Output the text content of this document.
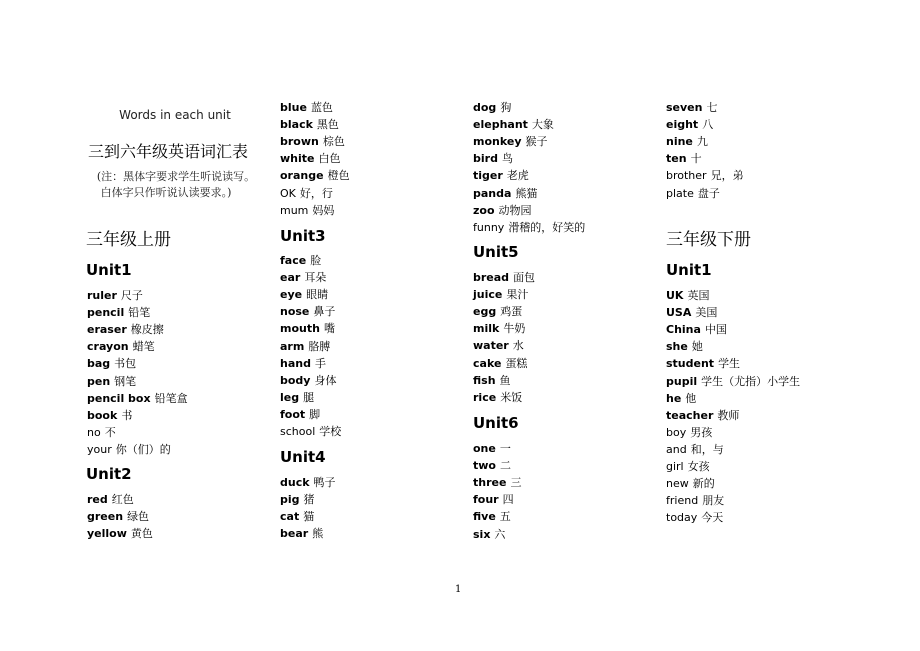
Words in each unit
三到六年级英语词汇表
(注：黑体字要求学生听说读写。
白体字只作听说认读要求。)
三年级上册
Unit1
ruler 尺子
pencil 铅笔
eraser 橡皮擦
crayon 蜡笔
bag 书包
pen 钢笔
pencil box 铅笔盒
book 书
no 不
your 你（们）的
Unit2
red 红色
green 绿色
yellow 黄色
blue 蓝色
black 黑色
brown 棕色
white 白色
orange 橙色
OK 好，行
mum 妈妈
Unit3
face 脸
ear 耳朵
eye 眼睛
nose 鼻子
mouth 嘴
arm 胳膊
hand 手
body 身体
leg 腿
foot 脚
school 学校
Unit4
duck 鸭子
pig 猪
cat 猫
bear 熊
dog 狗
elephant 大象
monkey 猴子
bird 鸟
tiger 老虎
panda 熊猫
zoo 动物园
funny 滑稽的，好笑的
Unit5
bread 面包
juice 果汁
egg 鸡蛋
milk 牛奶
water 水
cake 蛋糕
fish 鱼
rice 米饭
Unit6
one 一
two 二
three 三
four 四
five 五
six 六
seven 七
eight 八
nine 九
ten 十
brother 兄，弟
plate 盘子
三年级下册
Unit1
UK 英国
USA 美国
China 中国
she 她
student 学生
pupil 学生（尤指）小学生
he 他
teacher 教师
boy 男孩
and 和，与
girl 女孩
new 新的
friend 朋友
today 今天
1
